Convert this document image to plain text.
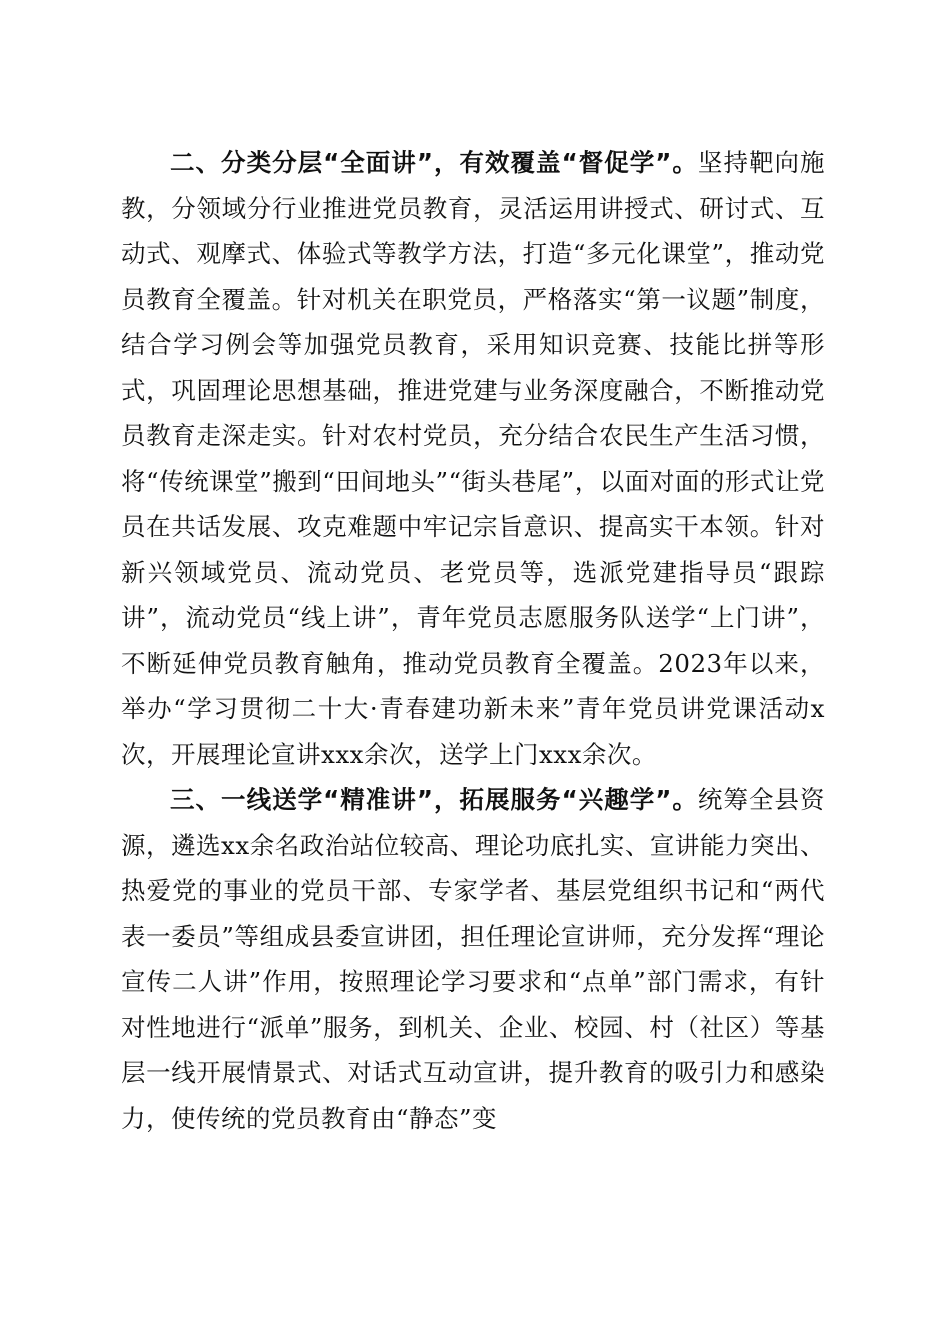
二、分类分层“全面讲”，有效覆盖“督促学”。坚持靶向施教，分领域分行业推进党员教育，灵活运用讲授式、研讨式、互动式、观摩式、体验式等教学方法，打造“多元化课堂”，推动党员教育全覆盖。针对机关在职党员，严格落实“第一议题”制度，结合学习例会等加强党员教育，采用知识竞赛、技能比拼等形式，巩固理论思想基础，推进党建与业务深度融合，不断推动党员教育走深走实。针对农村党员，充分结合农民生产生活习惯，将“传统课堂”搬到“田间地头”“街头巷尾”，以面对面的形式让党员在共话发展、攻克难题中牢记宗旨意识、提高实干本领。针对新兴领域党员、流动党员、老党员等，选派党建指导员“跟踪讲”，流动党员“线上讲”，青年党员志愿服务队送学“上门讲”，不断延伸党员教育触角，推动党员教育全覆盖。2023年以来，举办“学习贯彻二十大·青春建功新未来”青年党员讲党课活动x次，开展理论宣讲xxx余次，送学上门xxx余次。

三、一线送学“精准讲”，拓展服务“兴趣学”。统筹全县资源，遴选xx余名政治站位较高、理论功底扎实、宣讲能力突出、热爱党的事业的党员干部、专家学者、基层党组织书记和“两代表一委员”等组成县委宣讲团，担任理论宣讲师，充分发挥“理论宣传二人讲”作用，按照理论学习要求和“点单”部门需求，有针对性地进行“派单”服务，到机关、企业、校园、村（社区）等基层一线开展情景式、对话式互动宣讲，提升教育的吸引力和感染力，使传统的党员教育由“静态”变
